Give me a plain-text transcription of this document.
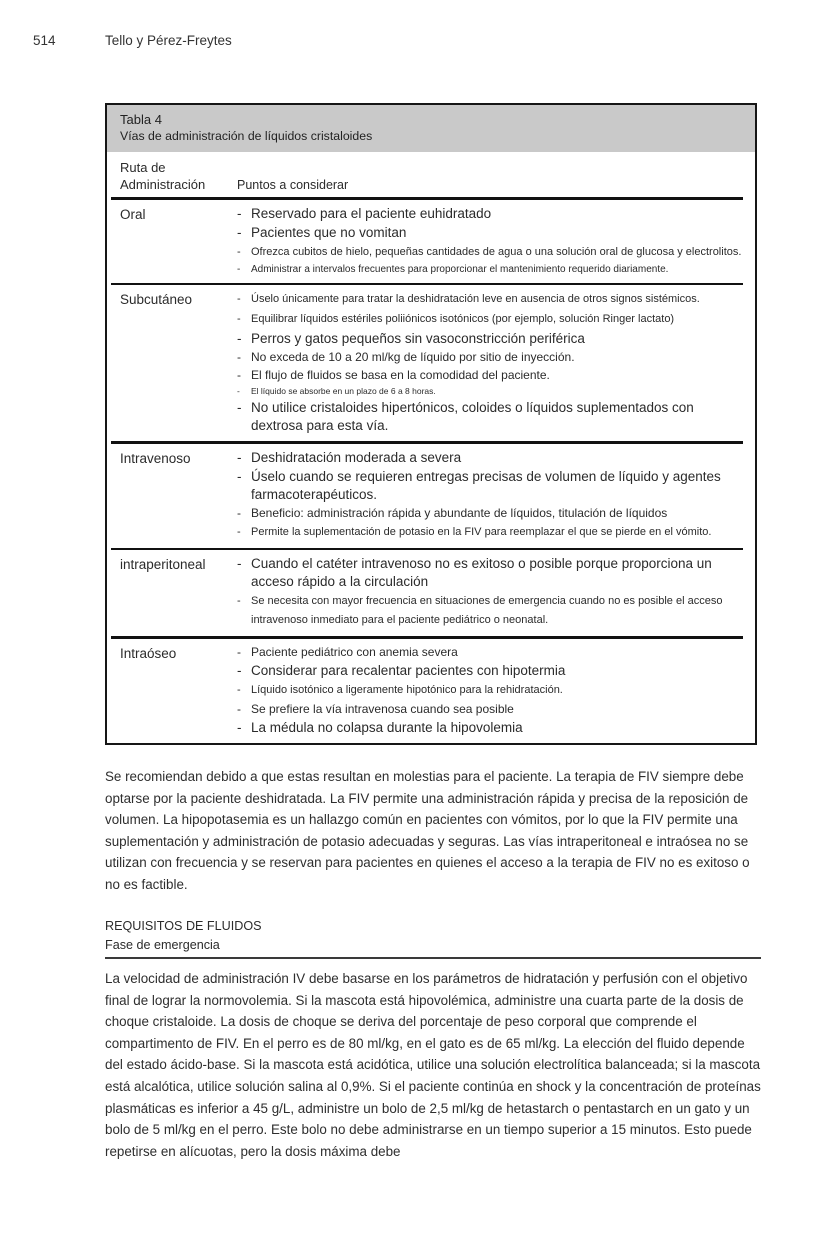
514	Tello y Pérez-Freytes
Tabla 4
Vías de administración de líquidos cristaloides
Ruta de
Administración	Puntos a considerar
Oral -	Reservado para el paciente euhidratado
-
Pacientes que no vomitan
-
Ofrezca cubitos de hielo, pequeñas cantidades de agua o una solución oral de glucosa y electrolitos.
-
Administrar a intervalos frecuentes para proporcionar el mantenimiento requerido diariamente.
Subcutáneo -	Úselo únicamente para tratar la deshidratación leve en ausencia de otros signos sistémicos.
-
Equilibrar líquidos estériles poliiónicos isotónicos (por ejemplo, solución Ringer lactato)
-
Perros y gatos pequeños sin vasoconstricción periférica
-
No exceda de 10 a 20 ml/kg de líquido por sitio de inyección.
-
El flujo de fluidos se basa en la comodidad del paciente.
-
El líquido se absorbe en un plazo de 6 a 8 horas.
-
No utilice cristaloides hipertónicos, coloides o líquidos suplementados con dextrosa para esta vía.
Intravenoso -	Deshidratación moderada a severa
-
Úselo cuando se requieren entregas precisas de volumen de líquido y agentes farmacoterapéuticos.
-
Beneficio: administración rápida y abundante de líquidos, titulación de líquidos
-
Permite la suplementación de potasio en la FIV para reemplazar el que se pierde en el vómito.
intraperitoneal -	Cuando el catéter intravenoso no es exitoso o posible porque proporciona un acceso rápido a la circulación
-
Se necesita con mayor frecuencia en situaciones de emergencia cuando no es posible el acceso intravenoso inmediato para el paciente pediátrico o neonatal.
Intraóseo -	Paciente pediátrico con anemia severa
-
Considerar para recalentar pacientes con hipotermia
-
Líquido isotónico a ligeramente hipotónico para la rehidratación.
-
Se prefiere la vía intravenosa cuando sea posible
-
La médula no colapsa durante la hipovolemia
Se recomiendan debido a que estas resultan en molestias para el paciente. La terapia de FIV siempre debe optarse por la paciente deshidratada. La FIV permite una administración rápida y precisa de la reposición de volumen. La hipopotasemia es un hallazgo común en pacientes con vómitos, por lo que la FIV permite una suplementación y administración de potasio adecuadas y seguras. Las vías intraperitoneal e intraósea no se utilizan con frecuencia y se reservan para pacientes en quienes el acceso a la terapia de FIV no es exitoso o no es factible.
REQUISITOS DE FLUIDOS
Fase de emergencia
La velocidad de administración IV debe basarse en los parámetros de hidratación y perfusión con el objetivo final de lograr la normovolemia. Si la mascota está hipovolémica, administre una cuarta parte de la dosis de choque cristaloide. La dosis de choque se deriva del porcentaje de peso corporal que comprende el compartimento de FIV. En el perro es de 80 ml/kg, en el gato es de 65 ml/kg. La elección del fluido depende del estado ácido-base. Si la mascota está acidótica, utilice una solución electrolítica balanceada; si la mascota está alcalótica, utilice solución salina al 0,9%. Si el paciente continúa en shock y la concentración de proteínas plasmáticas es inferior a 45 g/L, administre un bolo de 2,5 ml/kg de hetastarch o pentastarch en un gato y un bolo de 5 ml/kg en el perro. Este bolo no debe administrarse en un tiempo superior a 15 minutos. Esto puede repetirse en alícuotas, pero la dosis máxima debe
